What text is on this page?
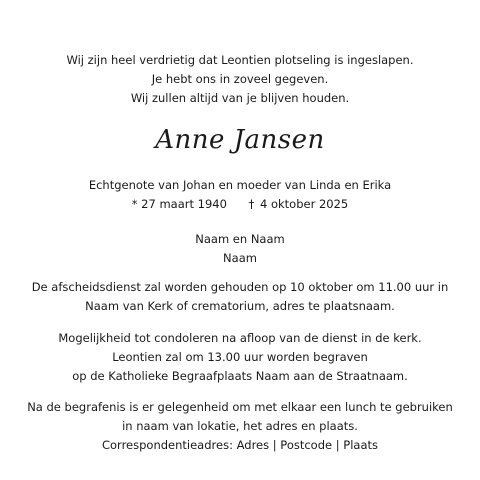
Wij zijn heel verdrietig dat Leontien plotseling is ingeslapen.
Je hebt ons in zoveel gegeven.
Wij zullen altijd van je blijven houden.
Anne Jansen
Echtgenote van Johan en moeder van Linda en Erika
* 27 maart 1940 † 4 oktober 2025
Naam en Naam
Naam
De afscheidsdienst zal worden gehouden op 10 oktober om 11.00 uur in
Naam van Kerk of crematorium, adres te plaatsnaam.
Mogelijkheid tot condoleren na afloop van de dienst in de kerk.
Leontien zal om 13.00 uur worden begraven
op de Katholieke Begraafplaats Naam aan de Straatnaam.
Na de begrafenis is er gelegenheid om met elkaar een lunch te gebruiken
in naam van lokatie, het adres en plaats.
Correspondentieadres: Adres | Postcode | Plaats
